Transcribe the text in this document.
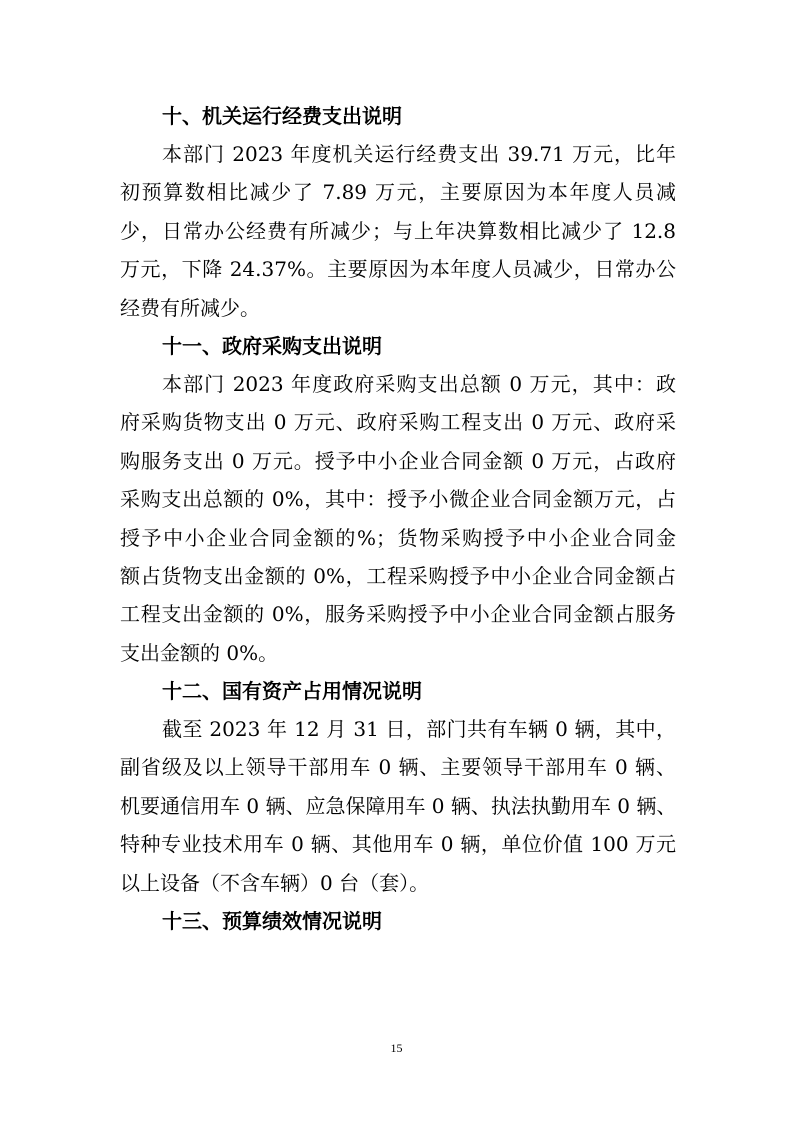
十、机关运行经费支出说明
本部门 2023 年度机关运行经费支出 39.71 万元，比年
初预算数相比减少了 7.89 万元，主要原因为本年度人员减
少，日常办公经费有所减少；与上年决算数相比减少了 12.8
万元，下降 24.37%。主要原因为本年度人员减少，日常办公
经费有所减少。
十一、政府采购支出说明
本部门 2023 年度政府采购支出总额 0 万元，其中：政
府采购货物支出 0 万元、政府采购工程支出 0 万元、政府采
购服务支出 0 万元。授予中小企业合同金额 0 万元，占政府
采购支出总额的 0%，其中：授予小微企业合同金额万元，占
授予中小企业合同金额的%；货物采购授予中小企业合同金
额占货物支出金额的 0%，工程采购授予中小企业合同金额占
工程支出金额的 0%，服务采购授予中小企业合同金额占服务
支出金额的 0%。
十二、国有资产占用情况说明
截至 2023 年 12 月 31 日，部门共有车辆 0 辆，其中，
副省级及以上领导干部用车 0 辆、主要领导干部用车 0 辆、
机要通信用车 0 辆、应急保障用车 0 辆、执法执勤用车 0 辆、
特种专业技术用车 0 辆、其他用车 0 辆，单位价值 100 万元
以上设备（不含车辆）0 台（套）。
十三、预算绩效情况说明
15
